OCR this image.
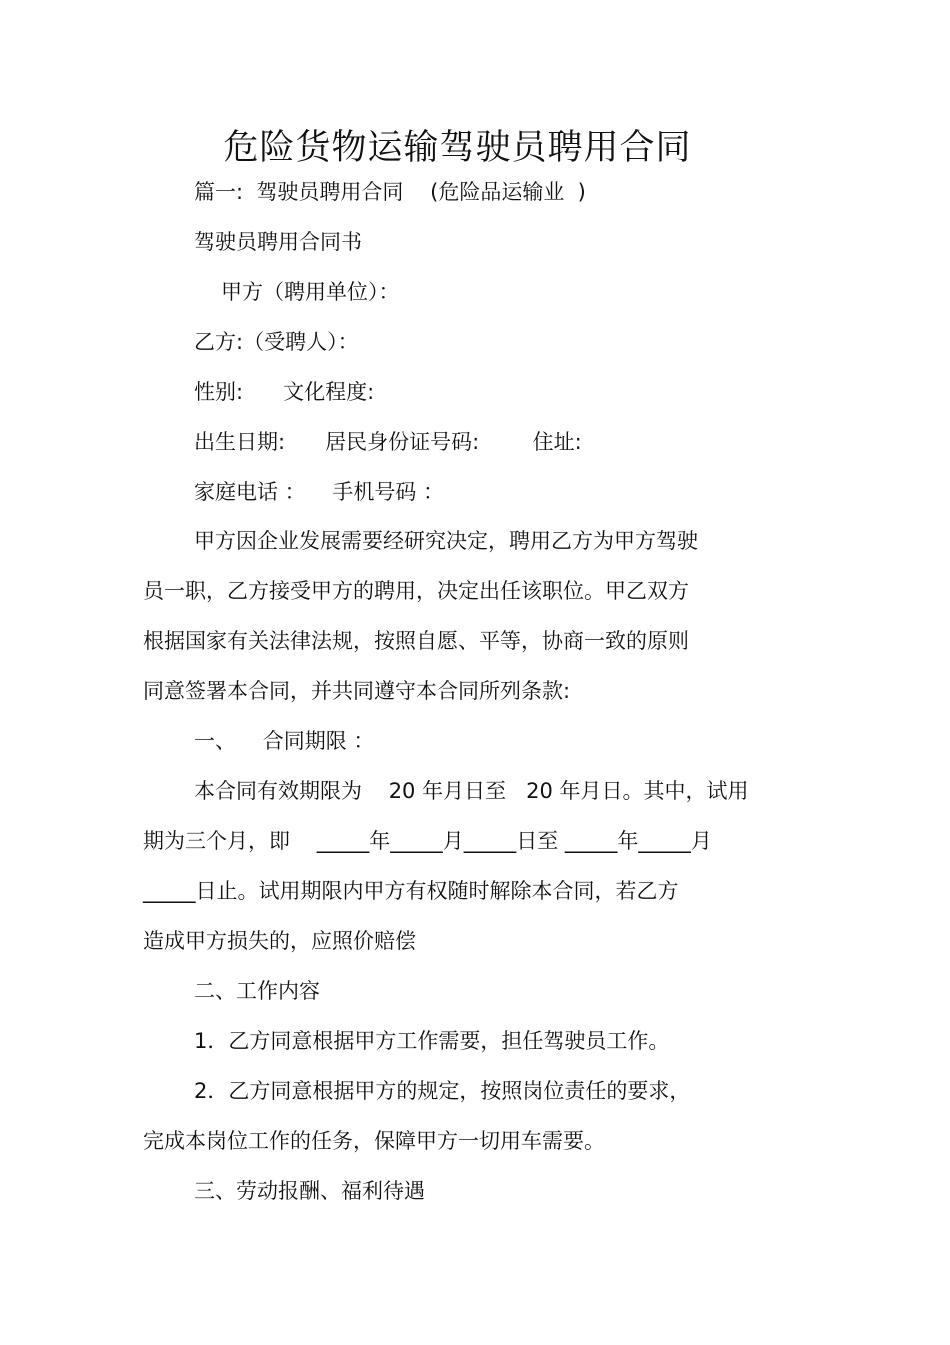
危险货物运输驾驶员聘用合同
篇一:  驾驶员聘用合同    (危险品运输业  )
驾驶员聘用合同书
甲方（聘用单位）：
乙方:（受聘人）：
性别:      文化程度:
出生日期:      居民身份证号码:        住址:
家庭电话 ：    手机号码 ：
甲方因企业发展需要经研究决定，聘用乙方为甲方驾驶
员一职，乙方接受甲方的聘用，决定出任该职位。甲乙双方
根据国家有关法律法规，按照自愿、平等，协商一致的原则
同意签署本合同，并共同遵守本合同所列条款:
一、    合同期限 ：
本合同有效期限为    20 年月日至   20 年月日。其中，试用
期为三个月，即    _____年_____月_____日至 _____年_____月
_____日止。试用期限内甲方有权随时解除本合同，若乙方
造成甲方损失的，应照价赔偿
二、工作内容
1．乙方同意根据甲方工作需要，担任驾驶员工作。
2．乙方同意根据甲方的规定，按照岗位责任的要求，
完成本岗位工作的任务，保障甲方一切用车需要。
三、劳动报酬、福利待遇
